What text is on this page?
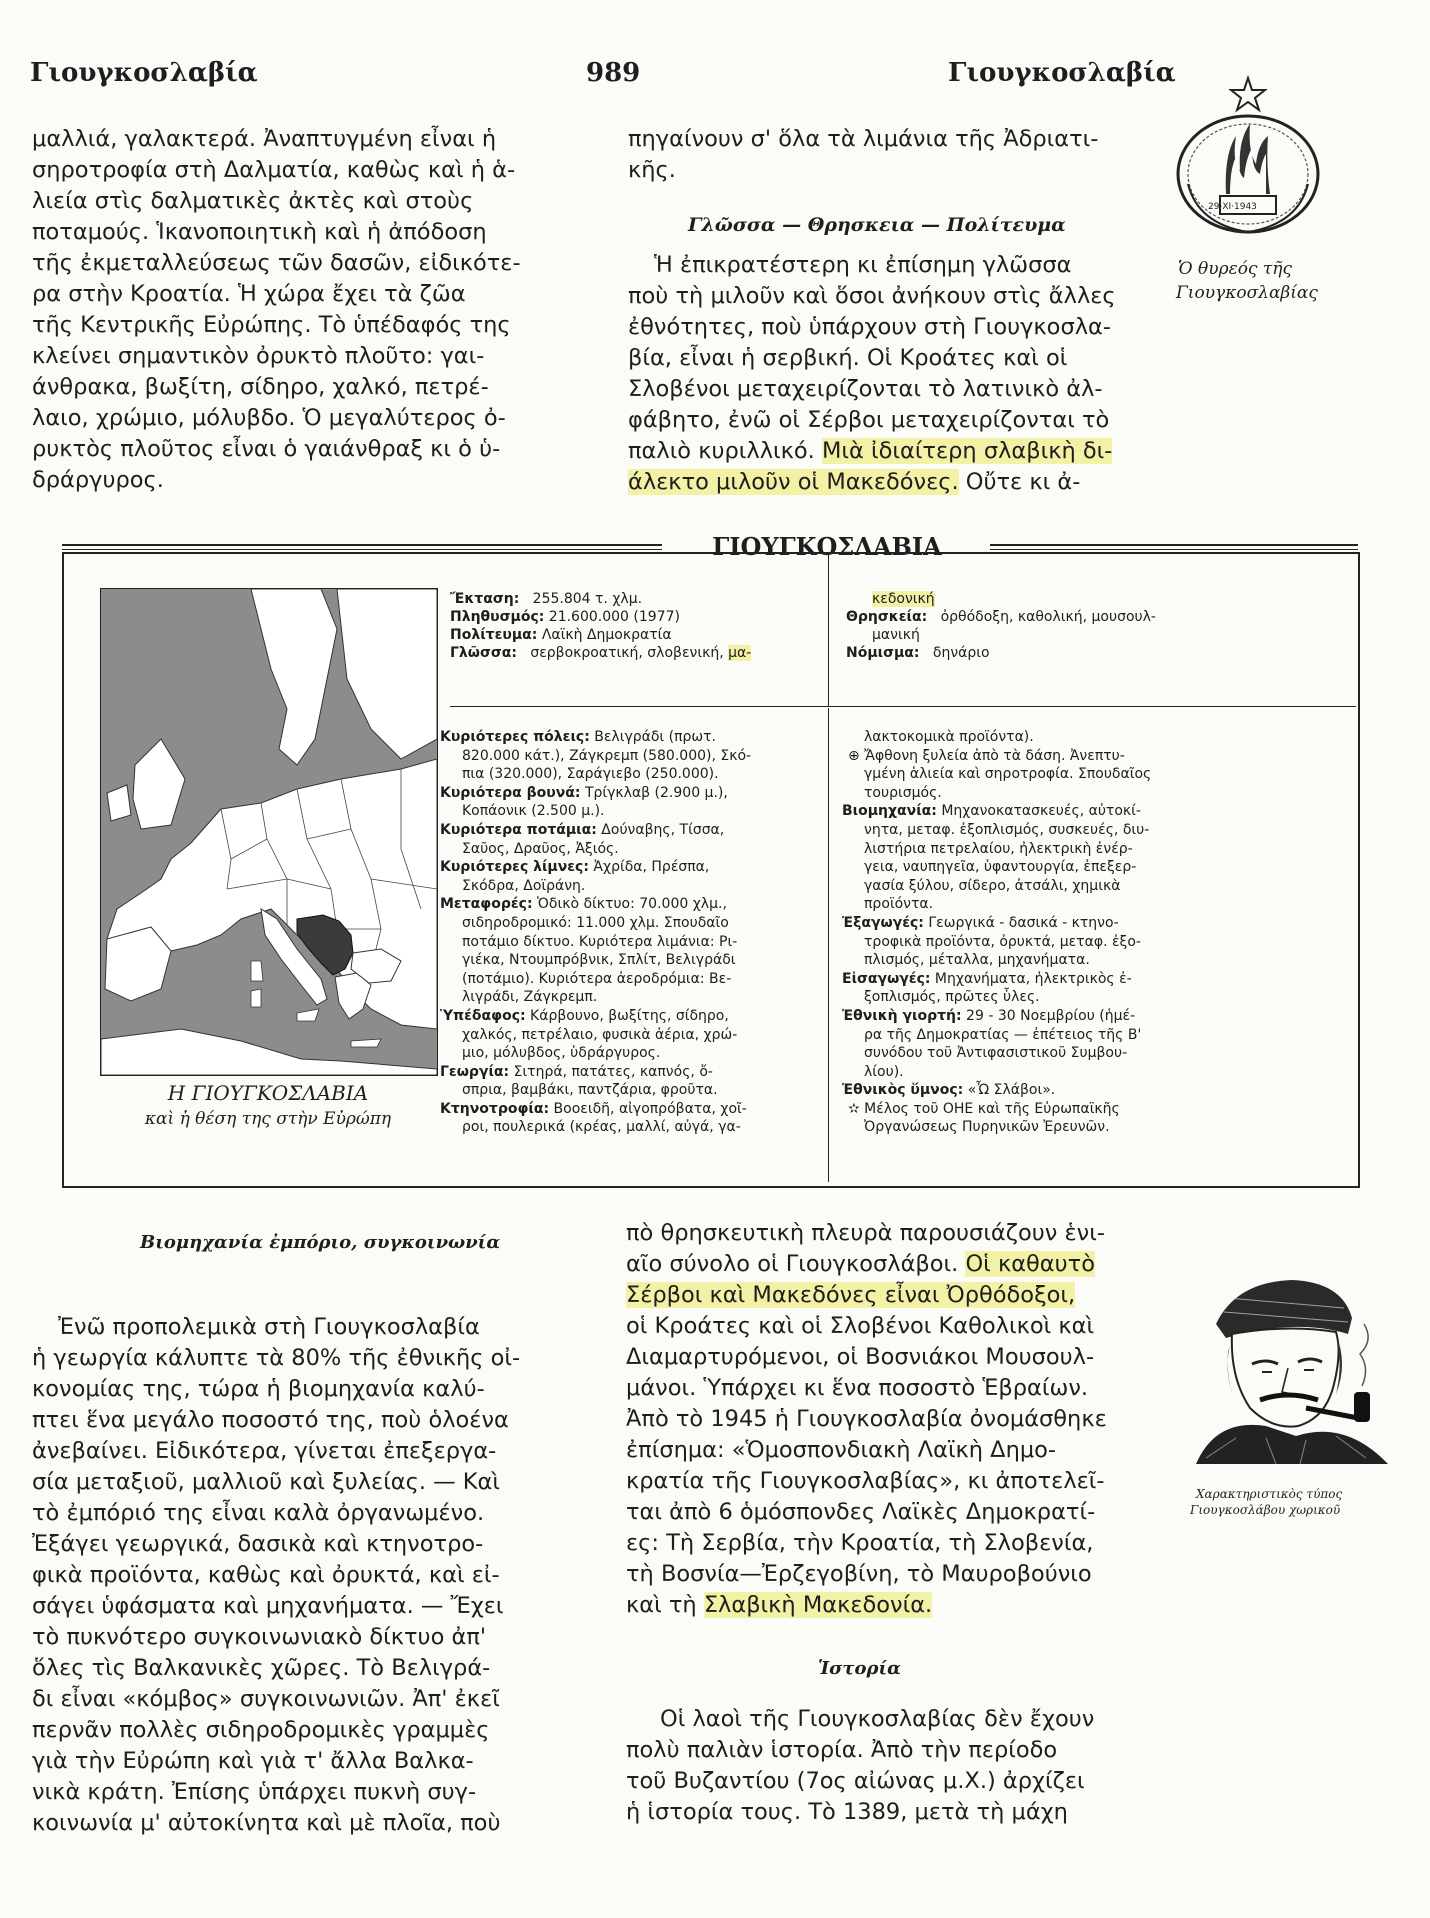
Γιουγκοσλαβία	989	Γιουγκοσλαβία
29·XI·1943
Ὁ θυρεός τῆς
Γιουγκοσλαβίας
μαλλιά, γαλακτερά. Ἀναπτυγμένη εἶναι ἡ
σηροτροφία στὴ Δαλματία, καθὼς καὶ ἡ ἁ-
λιεία στὶς δαλματικὲς ἀκτὲς καὶ στοὺς
ποταμούς. Ἱκανοποιητικὴ καὶ ἡ ἀπόδοση
τῆς ἐκμεταλλεύσεως τῶν δασῶν, εἰδικότε-
ρα στὴν Κροατία. Ἡ χώρα ἔχει τὰ ζῶα
τῆς Κεντρικῆς Εὐρώπης. Τὸ ὑπέδαφός της
κλείνει σημαντικὸν ὀρυκτὸ πλοῦτο: γαι-
άνθρακα, βωξίτη, σίδηρο, χαλκό, πετρέ-
λαιο, χρώμιο, μόλυβδο. Ὁ μεγαλύτερος ὀ-
ρυκτὸς πλοῦτος εἶναι ὁ γαιάνθραξ κι ὁ ὑ-
δράργυρος.
πηγαίνουν σ' ὅλα τὰ λιμάνια τῆς Ἀδριατι-
κῆς.
Γλῶσσα — Θρησκεια — Πολίτευμα
Ἡ ἐπικρατέστερη κι ἐπίσημη γλῶσσα
ποὺ τὴ μιλοῦν καὶ ὅσοι ἀνήκουν στὶς ἄλλες
ἐθνότητες, ποὺ ὑπάρχουν στὴ Γιουγκοσλα-
βία, εἶναι ἡ σερβική. Οἱ Κροάτες καὶ οἱ
Σλοβένοι μεταχειρίζονται τὸ λατινικὸ ἀλ-
φάβητο, ἐνῶ οἱ Σέρβοι μεταχειρίζονται τὸ
παλιὸ κυριλλικό. Μιὰ ἰδιαίτερη σλαβικὴ δι-
άλεκτο μιλοῦν οἱ Μακεδόνες. Οὔτε κι ἀ-
ΓΙΟΥΓΚΟΣΛΑΒΙΑ
Η ΓΙΟΥΓΚΟΣΛΑΒΙΑ
καὶ ἡ θέση της στὴν Εὐρώπη
Ἔκταση: 255.804 τ. χλμ.
Πληθυσμός: 21.600.000 (1977)
Πολίτευμα: Λαϊκὴ Δημοκρατία
Γλῶσσα: σερβοκροατική, σλοβενική, μα-
κεδονική
Θρησκεία: ὀρθόδοξη, καθολική, μουσουλ-
μανική
Νόμισμα: δηνάριο
Κυριότερες πόλεις: Βελιγράδι (πρωτ.
820.000 κάτ.), Ζάγκρεμπ (580.000), Σκό-
πια (320.000), Σαράγιεβο (250.000).
Κυριότερα βουνά: Τρίγκλαβ (2.900 μ.),
Κοπάονικ (2.500 μ.).
Κυριότερα ποτάμια: Δούναβης, Τίσσα,
Σαῦος, Δραῦος, Ἀξιός.
Κυριότερες λίμνες: Ἀχρίδα, Πρέσπα,
Σκόδρα, Δοϊράνη.
Μεταφορές: Ὁδικὸ δίκτυο: 70.000 χλμ.,
σιδηροδρομικό: 11.000 χλμ. Σπουδαῖο
ποτάμιο δίκτυο. Κυριότερα λιμάνια: Ρι-
γιέκα, Ντουμπρόβνικ, Σπλίτ, Βελιγράδι
(ποτάμιο). Κυριότερα ἀεροδρόμια: Βε-
λιγράδι, Ζάγκρεμπ.
Ὑπέδαφος: Κάρβουνο, βωξίτης, σίδηρο,
χαλκός, πετρέλαιο, φυσικὰ ἀέρια, χρώ-
μιο, μόλυβδος, ὑδράργυρος.
Γεωργία: Σιτηρά, πατάτες, καπνός, ὄ-
σπρια, βαμβάκι, παντζάρια, φροῦτα.
Κτηνοτροφία: Βοοειδῆ, αἰγοπρόβατα, χοῖ-
ροι, πουλερικά (κρέας, μαλλί, αὐγά, γα-
λακτοκομικὰ προϊόντα).
⊕ Ἄφθονη ξυλεία ἀπὸ τὰ δάση. Ἀνεπτυ-
γμένη ἁλιεία καὶ σηροτροφία. Σπουδαῖος
τουρισμός.
Βιομηχανία: Μηχανοκατασκευές, αὐτοκί-
νητα, μεταφ. ἐξοπλισμός, συσκευές, διυ-
λιστήρια πετρελαίου, ἠλεκτρικὴ ἐνέρ-
γεια, ναυπηγεῖα, ὑφαντουργία, ἐπεξερ-
γασία ξύλου, σίδερο, ἀτσάλι, χημικὰ
προϊόντα.
Ἐξαγωγές: Γεωργικά - δασικά - κτηνο-
τροφικὰ προϊόντα, ὀρυκτά, μεταφ. ἐξο-
πλισμός, μέταλλα, μηχανήματα.
Εἰσαγωγές: Μηχανήματα, ἠλεκτρικὸς ἐ-
ξοπλισμός, πρῶτες ὗλες.
Ἐθνικὴ γιορτή: 29 - 30 Νοεμβρίου (ἡμέ-
ρα τῆς Δημοκρατίας — ἐπέτειος τῆς Β'
συνόδου τοῦ Ἀντιφασιστικοῦ Συμβου-
λίου).
Ἐθνικὸς ὕμνος: «Ὦ Σλάβοι».
✫ Μέλος τοῦ ΟΗΕ καὶ τῆς Εὐρωπαϊκῆς
Ὀργανώσεως Πυρηνικῶν Ἐρευνῶν.
Βιομηχανία ἐμπόριο, συγκοινωνία
Ἐνῶ προπολεμικὰ στὴ Γιουγκοσλαβία
ἡ γεωργία κάλυπτε τὰ 80% τῆς ἐθνικῆς οἰ-
κονομίας της, τώρα ἡ βιομηχανία καλύ-
πτει ἕνα μεγάλο ποσοστό της, ποὺ ὁλοένα
ἀνεβαίνει. Εἰδικότερα, γίνεται ἐπεξεργα-
σία μεταξιοῦ, μαλλιοῦ καὶ ξυλείας. — Καὶ
τὸ ἐμπόριό της εἶναι καλὰ ὀργανωμένο.
Ἐξάγει γεωργικά, δασικὰ καὶ κτηνοτρο-
φικὰ προϊόντα, καθὼς καὶ ὀρυκτά, καὶ εἰ-
σάγει ὑφάσματα καὶ μηχανήματα. — Ἔχει
τὸ πυκνότερο συγκοινωνιακὸ δίκτυο ἀπ'
ὅλες τὶς Βαλκανικὲς χῶρες. Τὸ Βελιγρά-
δι εἶναι «κόμβος» συγκοινωνιῶν. Ἀπ' ἐκεῖ
περνᾶν πολλὲς σιδηροδρομικὲς γραμμὲς
γιὰ τὴν Εὐρώπη καὶ γιὰ τ' ἄλλα Βαλκα-
νικὰ κράτη. Ἐπίσης ὑπάρχει πυκνὴ συγ-
κοινωνία μ' αὐτοκίνητα καὶ μὲ πλοῖα, ποὺ
πὸ θρησκευτικὴ πλευρὰ παρουσιάζουν ἑνι-
αῖο σύνολο οἱ Γιουγκοσλάβοι. Οἱ καθαυτὸ
Σέρβοι καὶ Μακεδόνες εἶναι Ὀρθόδοξοι,
οἱ Κροάτες καὶ οἱ Σλοβένοι Καθολικοὶ καὶ
Διαμαρτυρόμενοι, οἱ Βοσνιάκοι Μουσουλ-
μάνοι. Ὑπάρχει κι ἕνα ποσοστὸ Ἑβραίων.
Ἀπὸ τὸ 1945 ἡ Γιουγκοσλαβία ὀνομάσθηκε
ἐπίσημα: «Ὁμοσπονδιακὴ Λαϊκὴ Δημο-
κρατία τῆς Γιουγκοσλαβίας», κι ἀποτελεῖ-
ται ἀπὸ 6 ὁμόσπονδες Λαϊκὲς Δημοκρατί-
ες: Τὴ Σερβία, τὴν Κροατία, τὴ Σλοβενία,
τὴ Βοσνία—Ἐρζεγοβίνη, τὸ Μαυροβούνιο
καὶ τὴ Σλαβικὴ Μακεδονία.
Ἱστορία
Οἱ λαοὶ τῆς Γιουγκοσλαβίας δὲν ἔχουν
πολὺ παλιὰν ἱστορία. Ἀπὸ τὴν περίοδο
τοῦ Βυζαντίου (7ος αἰώνας μ.Χ.) ἀρχίζει
ἡ ἱστορία τους. Τὸ 1389, μετὰ τὴ μάχη
Χαρακτηριστικὸς τύπος
Γιουγκοσλάβου χωρικοῦ
